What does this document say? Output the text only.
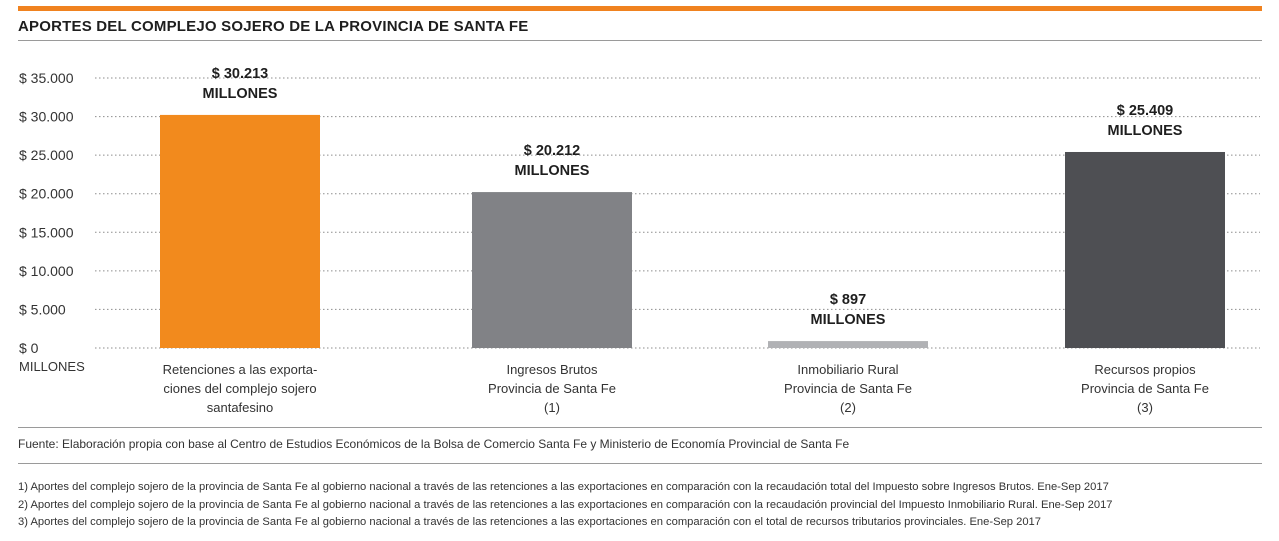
APORTES DEL COMPLEJO SOJERO DE LA PROVINCIA DE SANTA FE
$ 0
$ 5.000
$ 10.000
$ 15.000
$ 20.000
$ 25.000
$ 30.000
$ 35.000
MILLONES
$ 30.213
MILLONES
Retenciones a las exporta-
ciones del complejo sojero
santafesino
$ 20.212
MILLONES
Ingresos Brutos
Provincia de Santa Fe
(1)
$ 897
MILLONES
Inmobiliario Rural
Provincia de Santa Fe
(2)
$ 25.409
MILLONES
Recursos propios
Provincia de Santa Fe
(3)
Fuente: Elaboración propia con base al Centro de Estudios Económicos de la Bolsa de Comercio Santa Fe y Ministerio de Economía Provincial de Santa Fe
1) Aportes del complejo sojero de la provincia de Santa Fe al gobierno nacional a través de las retenciones a las exportaciones en comparación con la recaudación total del Impuesto sobre Ingresos Brutos. Ene-Sep 2017
2) Aportes del complejo sojero de la provincia de Santa Fe al gobierno nacional a través de las retenciones a las exportaciones en comparación con la recaudación provincial del Impuesto Inmobiliario Rural. Ene-Sep 2017
3) Aportes del complejo sojero de la provincia de Santa Fe al gobierno nacional a través de las retenciones a las exportaciones en comparación con el total de recursos tributarios provinciales. Ene-Sep 2017
